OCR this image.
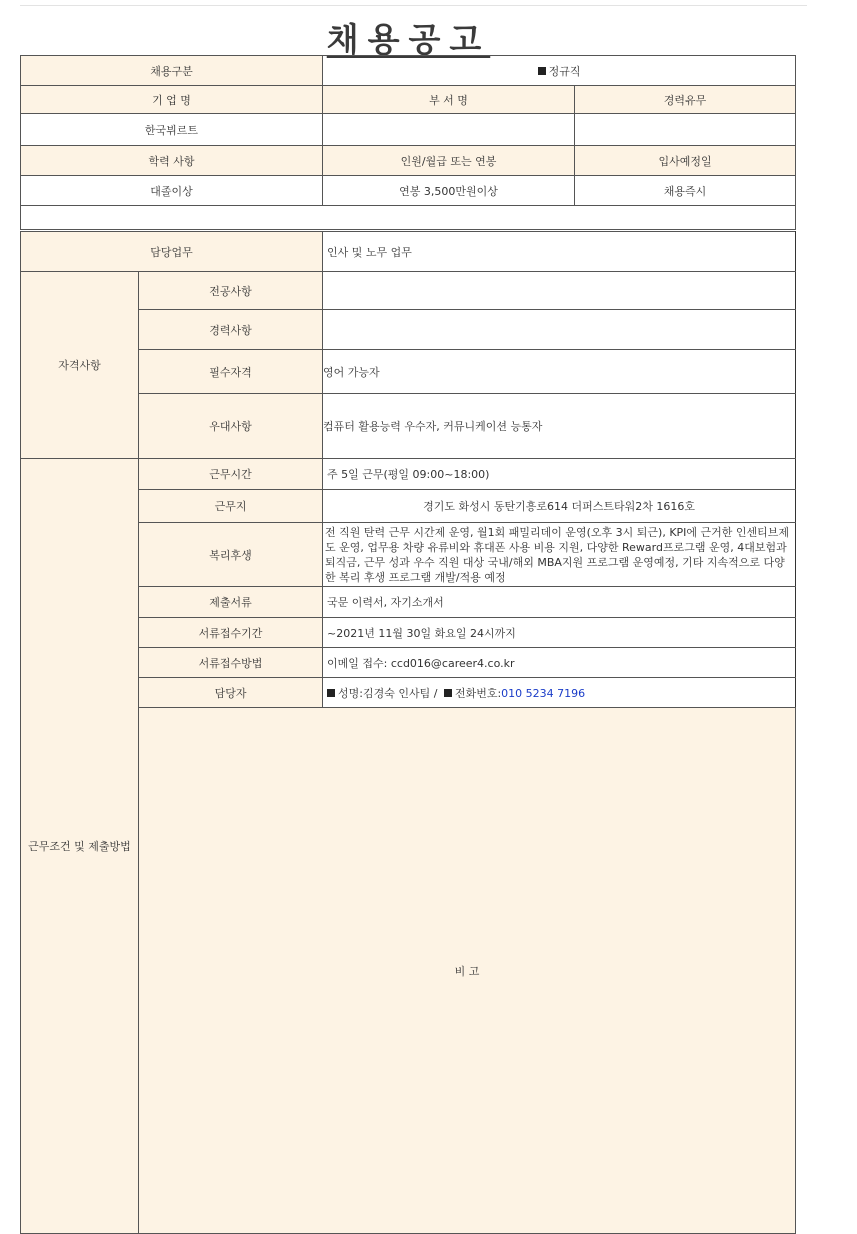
채용공고
채용구분	정규직	
기 업 명	부 서 명	경력유무
한국뷔르트		
학력 사항	인원/월급 또는 연봉	입사예정일
대졸이상	연봉 3,500만원이상	채용즉시

담당업무		인사 및 노무 업무	
자격사항	전공사항		
	경력사항		
	필수자격	영어 가능자	
	우대사항	컴퓨터 활용능력 우수자, 커뮤니케이션 능통자	
근무조건 및 제출방법	근무시간	주 5일 근무(평일 09:00~18:00)	
	근무지	경기도 화성시 동탄기흥로614 더퍼스트타워2차 1616호	
	복리후생	전 직원 탄력 근무 시간제 운영, 월1회 패밀리데이 운영(오후 3시 퇴근), KPI에 근거한 인센티브제도 운영, 업무용 차량 유류비와 휴대폰 사용 비용 지원, 다양한 Reward프로그램 운영, 4대보험과 퇴직금, 근무 성과 우수 직원 대상 국내/해외 MBA지원 프로그램 운영예정, 기타 지속적으로 다양한 복리 후생 프로그램 개발/적용 예정	
	제출서류	국문 이력서, 자기소개서	
	서류접수기간	~2021년 11월 30일 화요일 24시까지	
	서류접수방법	이메일 접수: ccd016@career4.co.kr	
	담당자	성명:김경숙 인사팀 / 전화번호:010 5234 7196	
	비 고	
